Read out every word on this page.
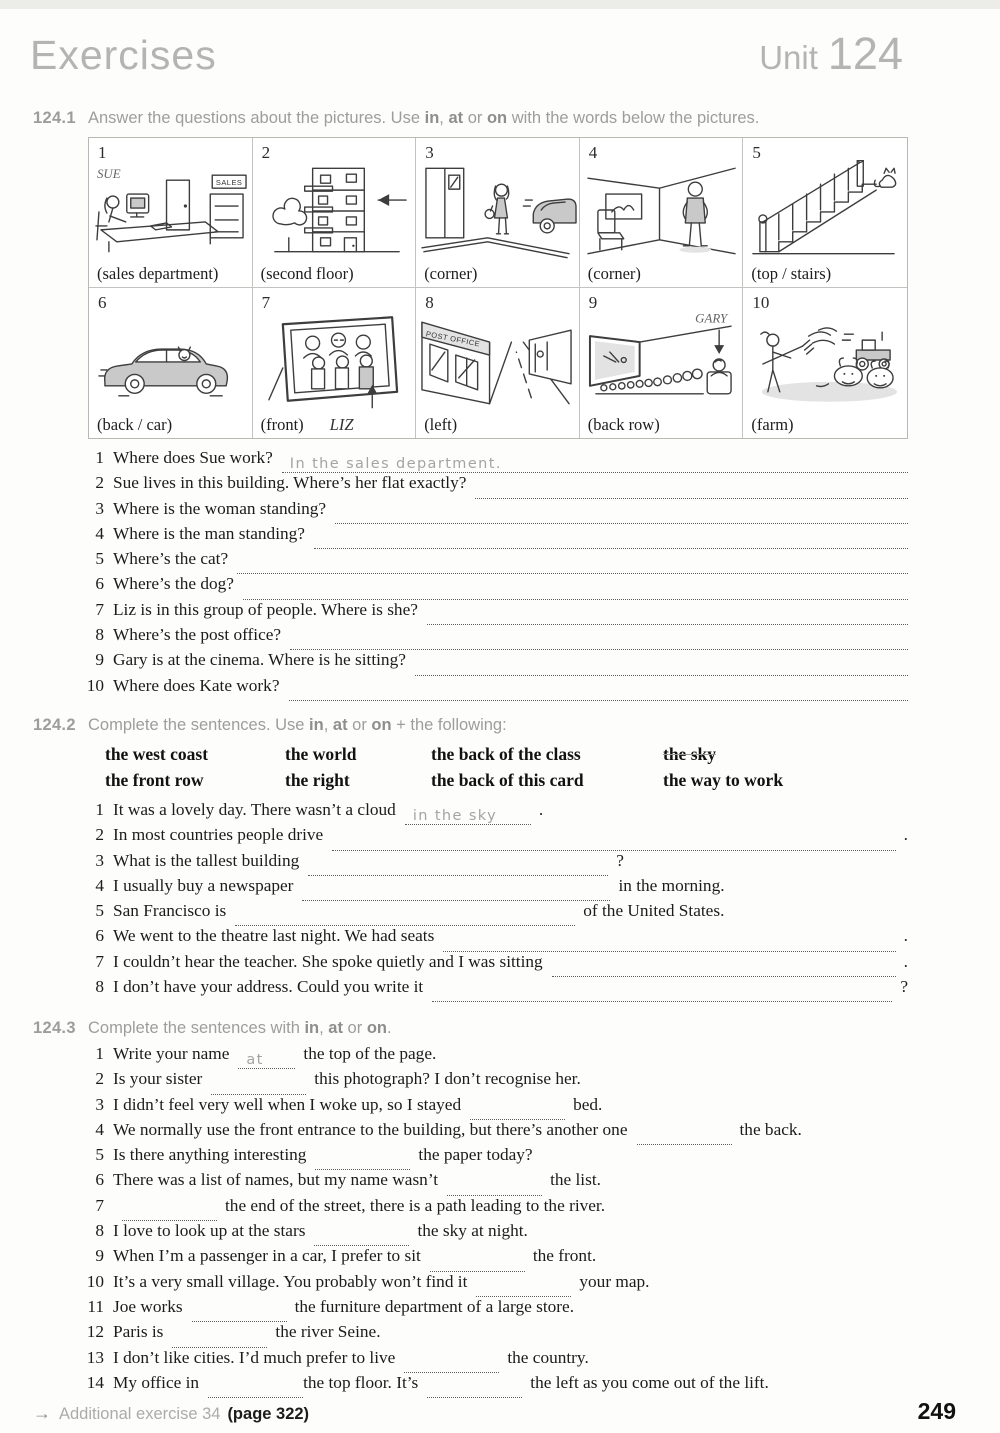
Exercises	Unit 124
124.1 Answer the questions about the pictures. Use in, at or on with the words below the pictures.
1
SUE
SALES
(sales department)
2
(second floor)
3
(corner)
4
(corner)
5
(top / stairs)
6
(back / car)
7
(front) LIZ
8
POST OFFICE
(left)
9
GARY
(back row)
10
(farm)
1 Where does Sue work? In the sales department.
2 Sue lives in this building. Where’s her flat exactly?
3 Where is the woman standing?
4 Where is the man standing?
5 Where’s the cat?
6 Where’s the dog?
7 Liz is in this group of people. Where is she?
8 Where’s the post office?
9 Gary is at the cinema. Where is he sitting?
10 Where does Kate work?
124.2 Complete the sentences. Use in, at or on + the following:
the west coast	the world	the back of the class	the sky
the front row	the right	the back of this card	the way to work
1 It was a lovely day. There wasn’t a cloud in the sky .
2 In most countries people drive	.
3 What is the tallest building	?
4 I usually buy a newspaper	in the morning.
5 San Francisco is	of the United States.
6 We went to the theatre last night. We had seats	.
7 I couldn’t hear the teacher. She spoke quietly and I was sitting	.
8 I don’t have your address. Could you write it	?
124.3 Complete the sentences with in, at or on.
1 Write your name at the top of the page.
2 Is your sister	this photograph? I don’t recognise her.
3 I didn’t feel very well when I woke up, so I stayed	bed.
4 We normally use the front entrance to the building, but there’s another one	the back.
5 Is there anything interesting	the paper today?
6 There was a list of names, but my name wasn’t	the list.
7	the end of the street, there is a path leading to the river.
8 I love to look up at the stars	the sky at night.
9 When I’m a passenger in a car, I prefer to sit	the front.
10 It’s a very small village. You probably won’t find it	your map.
11 Joe works	the furniture department of a large store.
12 Paris is	the river Seine.
13 I don’t like cities. I’d much prefer to live	the country.
14 My office in	the top floor. It’s	the left as you come out of the lift.
→ Additional exercise 34 (page 322)	249
